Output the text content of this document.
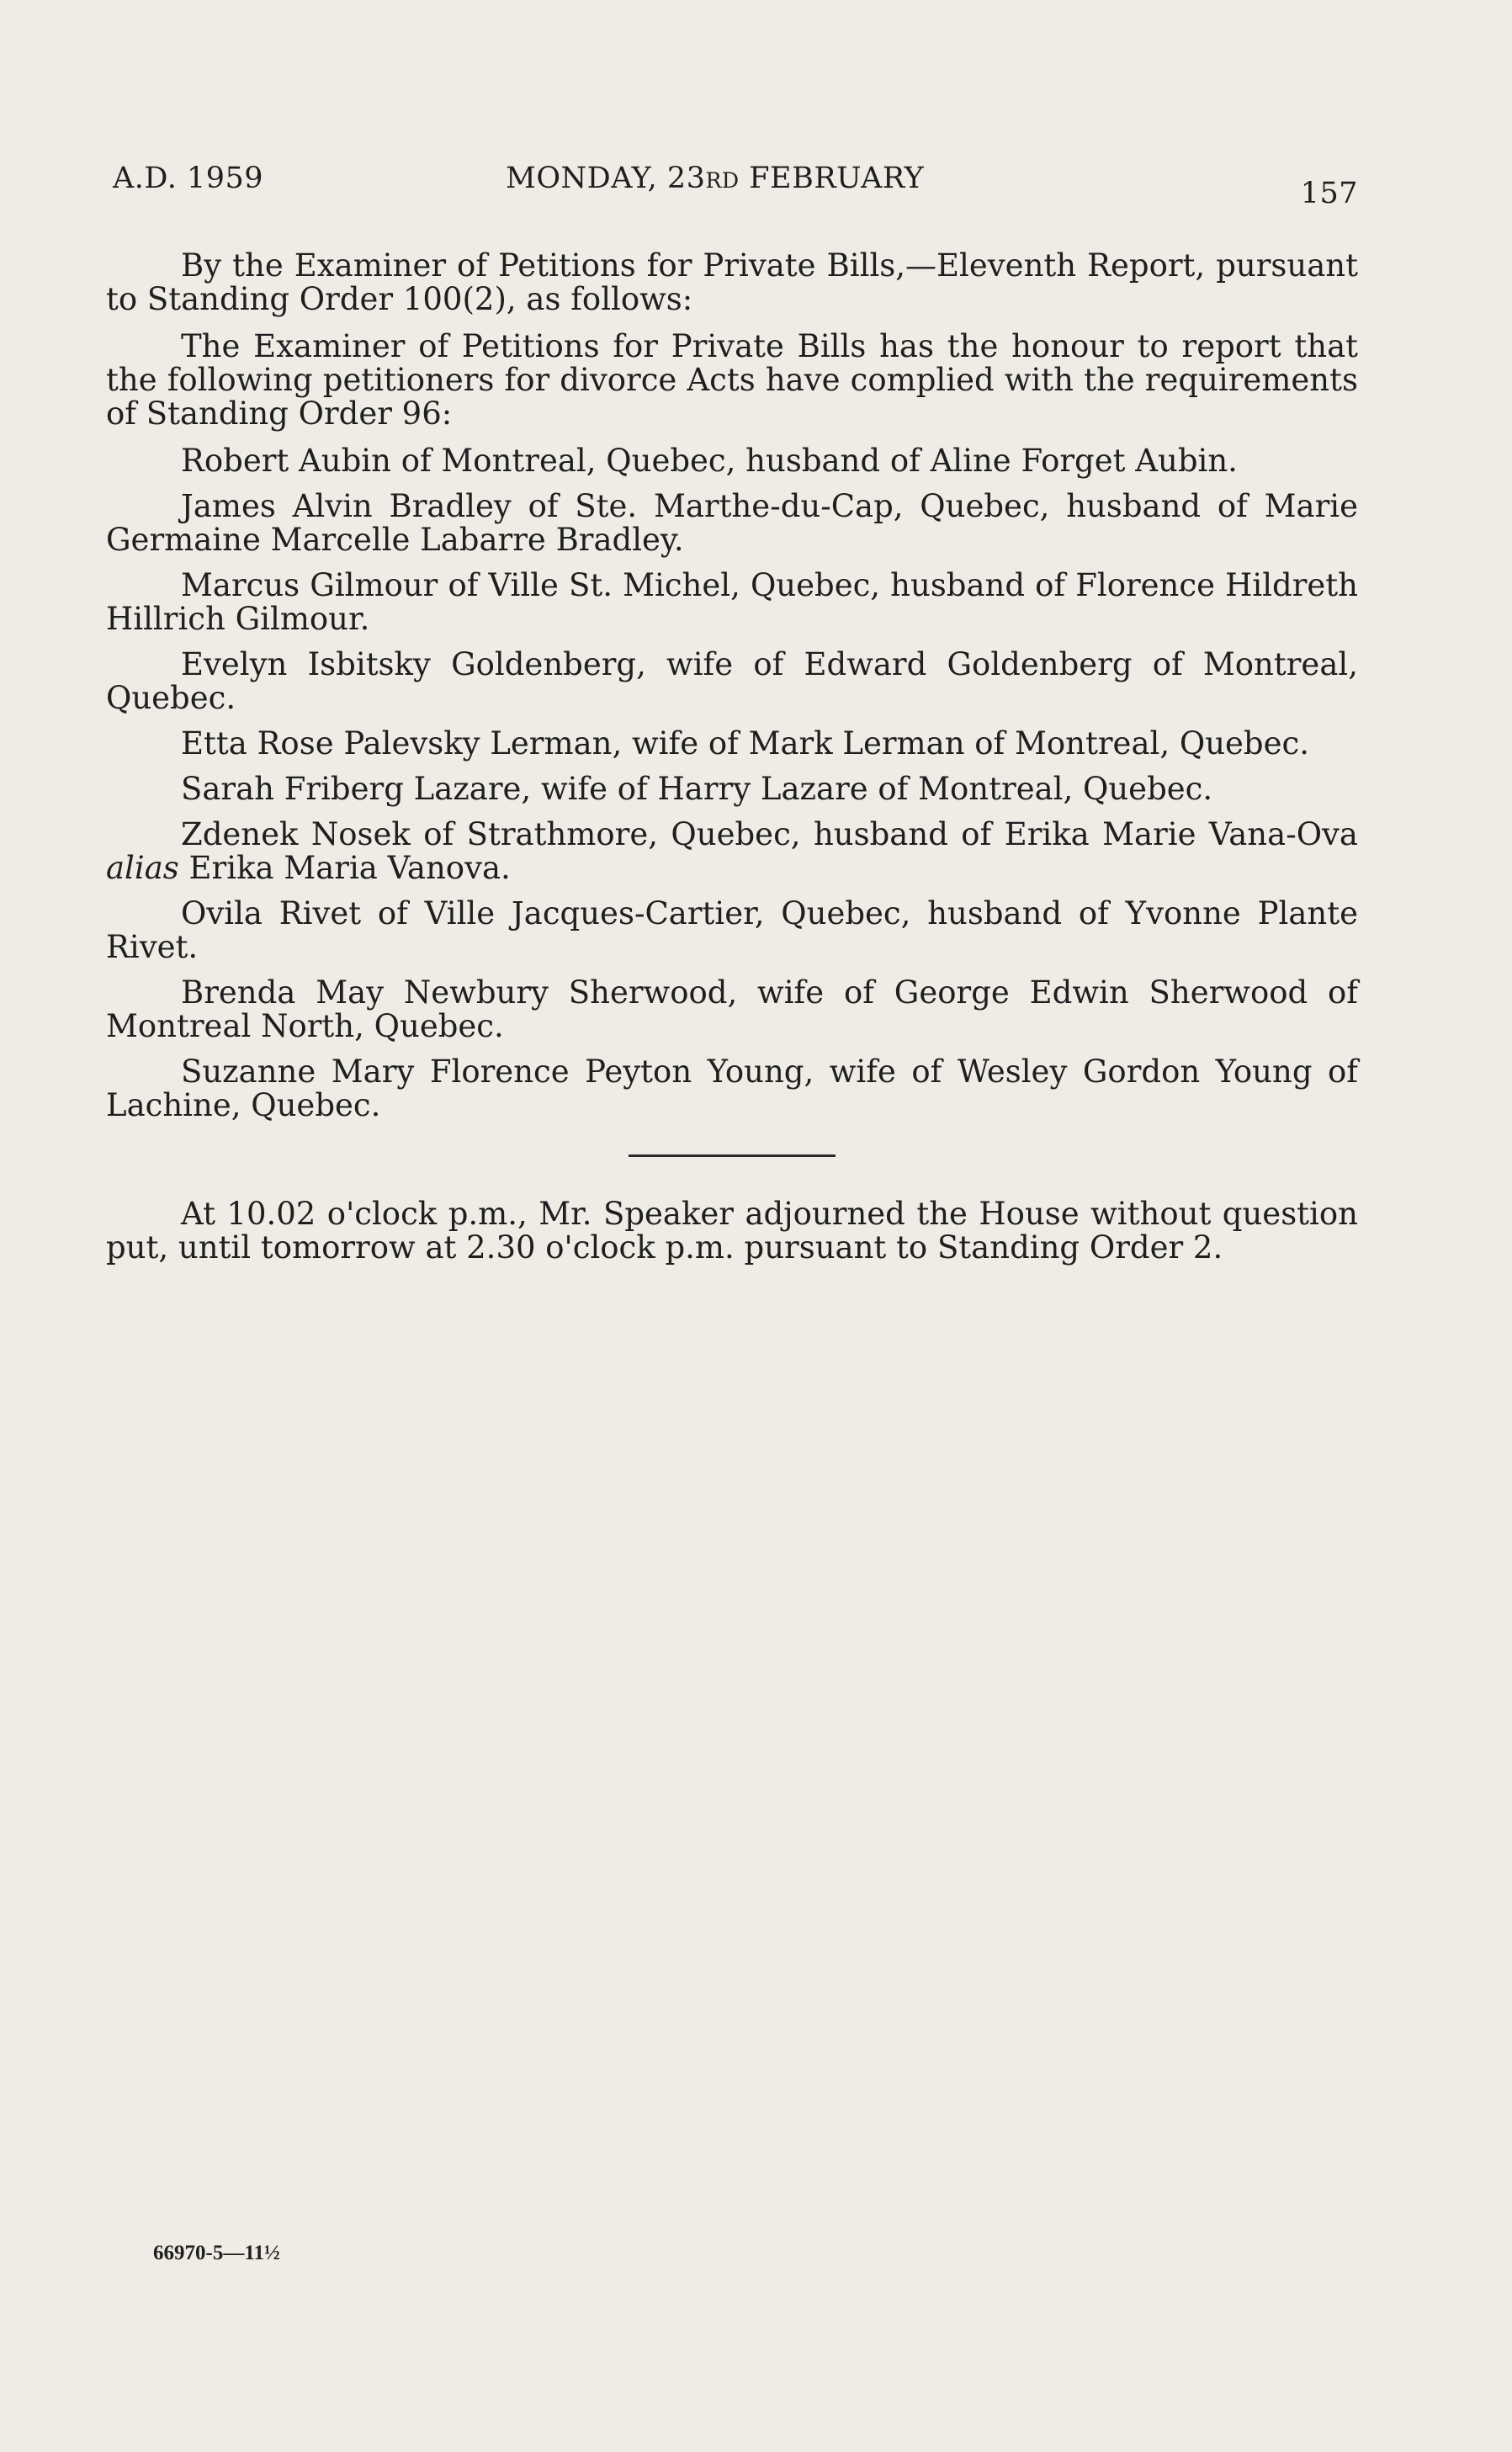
A.D. 1959	MONDAY, 23RD FEBRUARY	157

By the Examiner of Petitions for Private Bills,—Eleventh Report, pursuant to Standing Order 100(2), as follows:

The Examiner of Petitions for Private Bills has the honour to report that the following petitioners for divorce Acts have complied with the requirements of Standing Order 96:

Robert Aubin of Montreal, Quebec, husband of Aline Forget Aubin.

James Alvin Bradley of Ste. Marthe-du-Cap, Quebec, husband of Marie Germaine Marcelle Labarre Bradley.

Marcus Gilmour of Ville St. Michel, Quebec, husband of Florence Hildreth Hillrich Gilmour.

Evelyn Isbitsky Goldenberg, wife of Edward Goldenberg of Montreal, Quebec.

Etta Rose Palevsky Lerman, wife of Mark Lerman of Montreal, Quebec.

Sarah Friberg Lazare, wife of Harry Lazare of Montreal, Quebec.

Zdenek Nosek of Strathmore, Quebec, husband of Erika Marie Vana-Ova alias Erika Maria Vanova.

Ovila Rivet of Ville Jacques-Cartier, Quebec, husband of Yvonne Plante Rivet.

Brenda May Newbury Sherwood, wife of George Edwin Sherwood of Montreal North, Quebec.

Suzanne Mary Florence Peyton Young, wife of Wesley Gordon Young of Lachine, Quebec.

At 10.02 o'clock p.m., Mr. Speaker adjourned the House without question put, until tomorrow at 2.30 o'clock p.m. pursuant to Standing Order 2.

66970-5—11½
